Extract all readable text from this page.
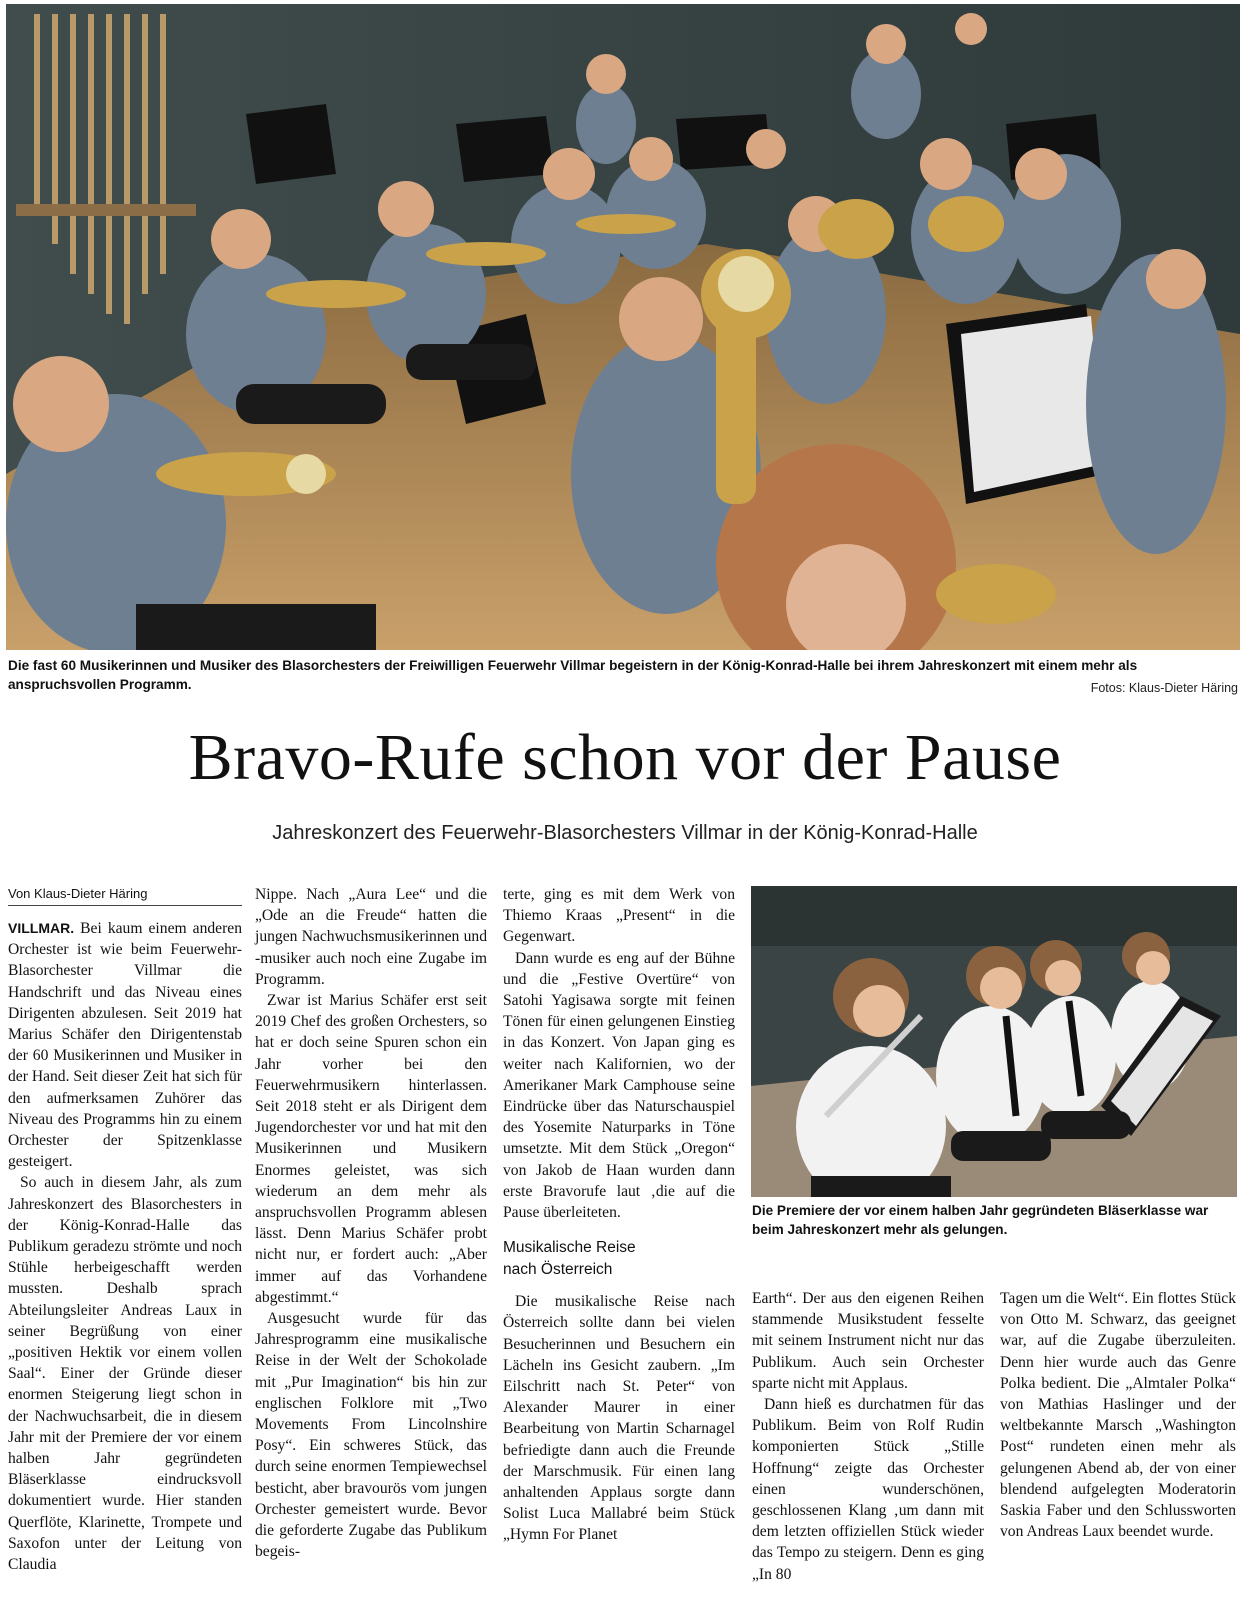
Die fast 60 Musikerinnen und Musiker des Blasorchesters der Freiwilligen Feuerwehr Villmar begeistern in der König-Konrad-Halle bei ihrem Jahreskonzert mit einem mehr als anspruchsvollen Programm.	Fotos: Klaus-Dieter Häring
Bravo-Rufe schon vor der Pause
Jahreskonzert des Feuerwehr-Blasorchesters Villmar in der König-Konrad-Halle
Von Klaus-Dieter Häring

VILLMAR. Bei kaum einem anderen Orchester ist wie beim Feuerwehr-Blasorchester Villmar die Handschrift und das Niveau eines Dirigenten abzulesen. Seit 2019 hat Marius Schäfer den Dirigentenstab der 60 Musikerinnen und Musiker in der Hand. Seit dieser Zeit hat sich für den aufmerksamen Zuhörer das Niveau des Programms hin zu einem Orchester der Spitzenklasse gesteigert.

So auch in diesem Jahr, als zum Jahreskonzert des Blasorchesters in der König-Konrad-Halle das Publikum geradezu strömte und noch Stühle herbeigeschafft werden mussten. Deshalb sprach Abteilungsleiter Andreas Laux in seiner Begrüßung von einer „positiven Hektik vor einem vollen Saal“. Einer der Gründe dieser enormen Steigerung liegt schon in der Nachwuchsarbeit, die in diesem Jahr mit der Premiere der vor einem halben Jahr gegründeten Bläserklasse eindrucksvoll dokumentiert wurde. Hier standen Querflöte, Klarinette, Trompete und Saxofon unter der Leitung von Claudia

Nippe. Nach „Aura Lee“ und die „Ode an die Freude“ hatten die jungen Nachwuchsmusikerinnen und -musiker auch noch eine Zugabe im Programm.

Zwar ist Marius Schäfer erst seit 2019 Chef des großen Orchesters, so hat er doch seine Spuren schon ein Jahr vorher bei den Feuerwehrmusikern hinterlassen. Seit 2018 steht er als Dirigent dem Jugendorchester vor und hat mit den Musikerinnen und Musikern Enormes geleistet, was sich wiederum an dem mehr als anspruchsvollen Programm ablesen lässt. Denn Marius Schäfer probt nicht nur, er fordert auch: „Aber immer auf das Vorhandene abgestimmt.“

Ausgesucht wurde für das Jahresprogramm eine musikalische Reise in der Welt der Schokolade mit „Pur Imagination“ bis hin zur englischen Folklore mit „Two Movements From Lincolnshire Posy“. Ein schweres Stück, das durch seine enormen Tempiewechsel besticht, aber bravourös vom jungen Orchester gemeistert wurde. Bevor die geforderte Zugabe das Publikum begeis-

terte, ging es mit dem Werk von Thiemo Kraas „Present“ in die Gegenwart.

Dann wurde es eng auf der Bühne und die „Festive Overtüre“ von Satohi Yagisawa sorgte mit feinen Tönen für einen gelungenen Einstieg in das Konzert. Von Japan ging es weiter nach Kalifornien, wo der Amerikaner Mark Camphouse seine Eindrücke über das Naturschauspiel des Yosemite Naturparks in Töne umsetzte. Mit dem Stück „Oregon“ von Jakob de Haan wurden dann erste Bravorufe laut ‚die auf die Pause überleiteten.

Musikalische Reise
nach Österreich

Die musikalische Reise nach Österreich sollte dann bei vielen Besucherinnen und Besuchern ein Lächeln ins Gesicht zaubern. „Im Eilschritt nach St. Peter“ von Alexander Maurer in einer Bearbeitung von Martin Scharnagel befriedigte dann auch die Freunde der Marschmusik. Für einen lang anhaltenden Applaus sorgte dann Solist Luca Mallabré beim Stück „Hymn For Planet

Die Premiere der vor einem halben Jahr gegründeten Bläserklasse war beim Jahreskonzert mehr als gelungen.

Earth“. Der aus den eigenen Reihen stammende Musikstudent fesselte mit seinem Instrument nicht nur das Publikum. Auch sein Orchester sparte nicht mit Applaus.

Dann hieß es durchatmen für das Publikum. Beim von Rolf Rudin komponierten Stück „Stille Hoffnung“ zeigte das Orchester einen wunderschönen, geschlossenen Klang ‚um dann mit dem letzten offiziellen Stück wieder das Tempo zu steigern. Denn es ging „In 80

Tagen um die Welt“. Ein flottes Stück von Otto M. Schwarz, das geeignet war, auf die Zugabe überzuleiten. Denn hier wurde auch das Genre Polka bedient. Die „Almtaler Polka“ von Mathias Haslinger und der weltbekannte Marsch „Washington Post“ rundeten einen mehr als gelungenen Abend ab, der von einer blendend aufgelegten Moderatorin Saskia Faber und den Schlussworten von Andreas Laux beendet wurde.
